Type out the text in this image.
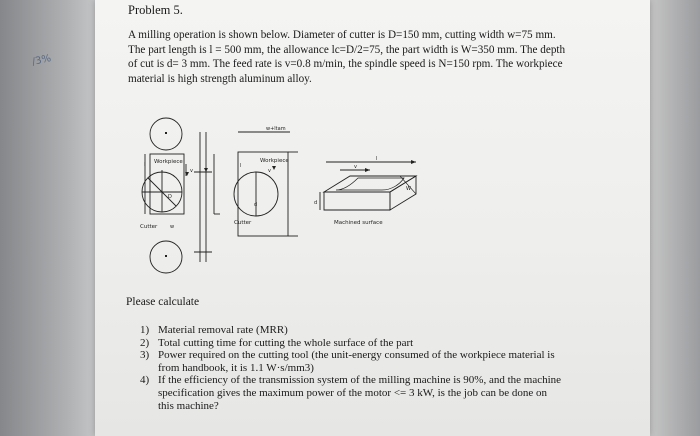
/3%
Problem 5.
A milling operation is shown below. Diameter of cutter is D=150 mm, cutting width w=75 mm.
The part length is l = 500 mm, the allowance lc=D/2=75, the part width is W=350 mm. The depth
of cut is d= 3 mm. The feed rate is v=0.8 m/min, the spindle speed is N=150 rpm. The workpiece
material is high strength aluminum alloy.
Workpiece	Workpiece
Cutter	w
Cutter
l	l
l
v	v
v
d	d
D
W
w+ltam
Machined surface
Please calculate
1) Material removal rate (MRR)
2) Total cutting time for cutting the whole surface of the part
3) Power required on the cutting tool (the unit-energy consumed of the workpiece material is
from handbook, it is 1.1 W·s/mm3)
4) If the efficiency of the transmission system of the milling machine is 90%, and the machine
specification gives the maximum power of the motor <= 3 kW, is the job can be done on
this machine?
